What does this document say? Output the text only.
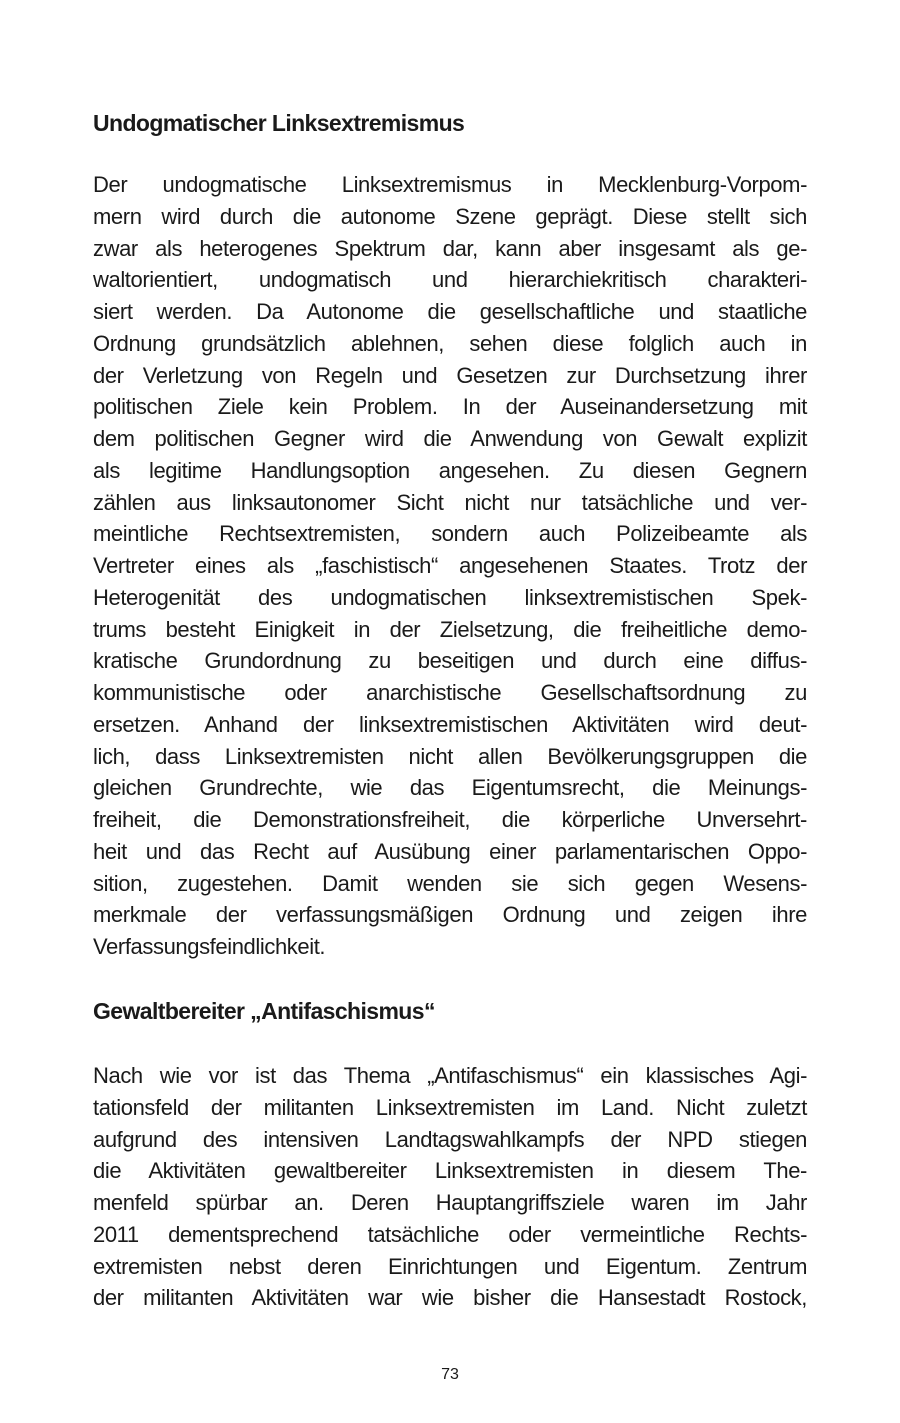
Undogmatischer Linksextremismus
Der undogmatische Linksextremismus in Mecklenburg-Vorpom-
mern wird durch die autonome Szene geprägt. Diese stellt sich
zwar als heterogenes Spektrum dar, kann aber insgesamt als ge-
waltorientiert, undogmatisch und hierarchiekritisch charakteri-
siert werden. Da Autonome die gesellschaftliche und staatliche
Ordnung grundsätzlich ablehnen, sehen diese folglich auch in
der Verletzung von Regeln und Gesetzen zur Durchsetzung ihrer
politischen Ziele kein Problem. In der Auseinandersetzung mit
dem politischen Gegner wird die Anwendung von Gewalt explizit
als legitime Handlungsoption angesehen. Zu diesen Gegnern
zählen aus linksautonomer Sicht nicht nur tatsächliche und ver-
meintliche Rechtsextremisten, sondern auch Polizeibeamte als
Vertreter eines als „faschistisch“ angesehenen Staates. Trotz der
Heterogenität des undogmatischen linksextremistischen Spek-
trums besteht Einigkeit in der Zielsetzung, die freiheitliche demo-
kratische Grundordnung zu beseitigen und durch eine diffus-
kommunistische oder anarchistische Gesellschaftsordnung zu
ersetzen. Anhand der linksextremistischen Aktivitäten wird deut-
lich, dass Linksextremisten nicht allen Bevölkerungsgruppen die
gleichen Grundrechte, wie das Eigentumsrecht, die Meinungs-
freiheit, die Demonstrationsfreiheit, die körperliche Unversehrt-
heit und das Recht auf Ausübung einer parlamentarischen Oppo-
sition, zugestehen. Damit wenden sie sich gegen Wesens-
merkmale der verfassungsmäßigen Ordnung und zeigen ihre
Verfassungsfeindlichkeit.
Gewaltbereiter „Antifaschismus“
Nach wie vor ist das Thema „Antifaschismus“ ein klassisches Agi-
tationsfeld der militanten Linksextremisten im Land. Nicht zuletzt
aufgrund des intensiven Landtagswahlkampfs der NPD stiegen
die Aktivitäten gewaltbereiter Linksextremisten in diesem The-
menfeld spürbar an. Deren Hauptangriffsziele waren im Jahr
2011 dementsprechend tatsächliche oder vermeintliche Rechts-
extremisten nebst deren Einrichtungen und Eigentum. Zentrum
der militanten Aktivitäten war wie bisher die Hansestadt Rostock,
73
